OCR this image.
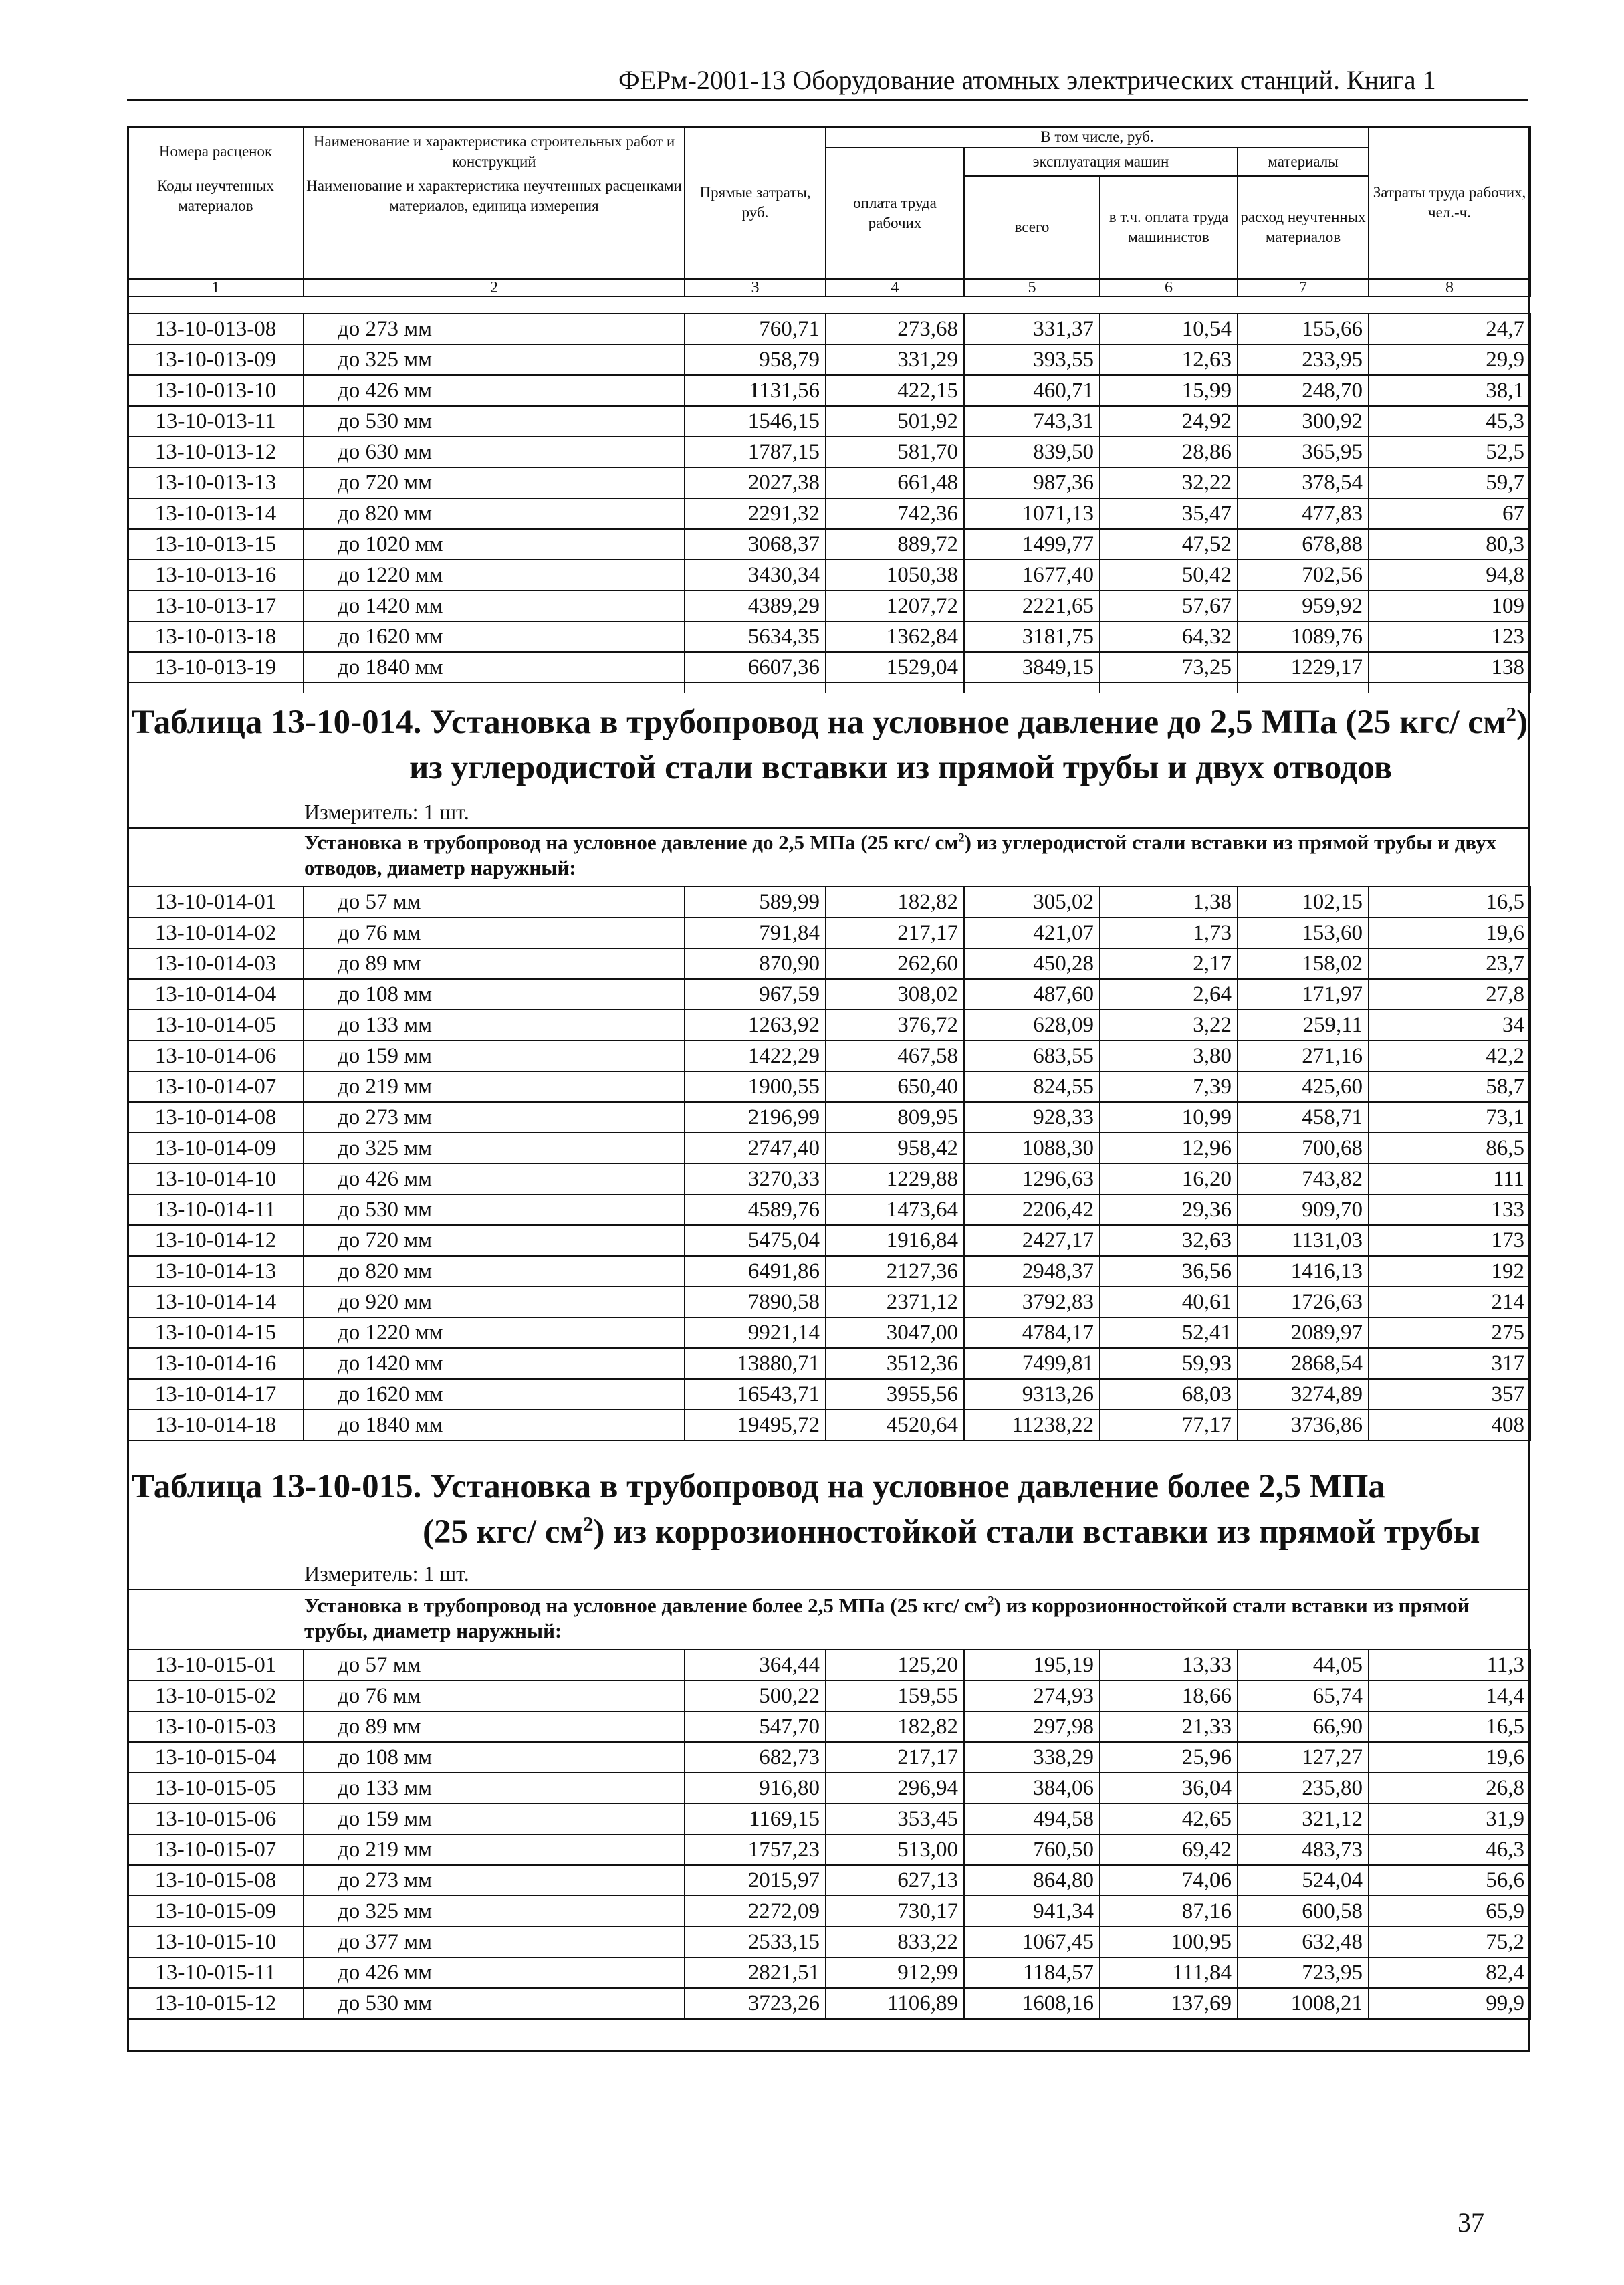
ФЕРм-2001-13 Оборудование атомных электрических станций. Книга 1
Номера расценок	Наименование и характеристика строительных работ и конструкций	Прямые затраты, руб.	В том числе, руб.				Затраты труда рабочих, чел.-ч.
			оплата труда рабочих	эксплуатация машин		материалы	
Коды неучтенных материалов	Наименование и характеристика неучтенных расценками материалов, единица измерения			всего	в т.ч. оплата труда машинистов	расход неучтенных материалов	

1	2	3	4	5	6	7	8
13-10-013-08	до 273 мм	760,71	273,68	331,37	10,54	155,66	24,7
13-10-013-09	до 325 мм	958,79	331,29	393,55	12,63	233,95	29,9
13-10-013-10	до 426 мм	1131,56	422,15	460,71	15,99	248,70	38,1
13-10-013-11	до 530 мм	1546,15	501,92	743,31	24,92	300,92	45,3
13-10-013-12	до 630 мм	1787,15	581,70	839,50	28,86	365,95	52,5
13-10-013-13	до 720 мм	2027,38	661,48	987,36	32,22	378,54	59,7
13-10-013-14	до 820 мм	2291,32	742,36	1071,13	35,47	477,83	67
13-10-013-15	до 1020 мм	3068,37	889,72	1499,77	47,52	678,88	80,3
13-10-013-16	до 1220 мм	3430,34	1050,38	1677,40	50,42	702,56	94,8
13-10-013-17	до 1420 мм	4389,29	1207,72	2221,65	57,67	959,92	109
13-10-013-18	до 1620 мм	5634,35	1362,84	3181,75	64,32	1089,76	123
13-10-013-19	до 1840 мм	6607,36	1529,04	3849,15	73,25	1229,17	138

Таблица 13-10-014. Установка в трубопровод на условное давление до 2,5 МПа (25 кгс/ $см^2$)
из углеродистой стали вставки из прямой трубы и двух отводов
Измеритель: 1 шт.
Установка в трубопровод на условное давление до 2,5 МПа (25 кгс/ $см^2$) из углеродистой стали вставки из прямой трубы и двух отводов, диаметр наружный:
13-10-014-01	до 57 мм	589,99	182,82	305,02	1,38	102,15	16,5
13-10-014-02	до 76 мм	791,84	217,17	421,07	1,73	153,60	19,6
13-10-014-03	до 89 мм	870,90	262,60	450,28	2,17	158,02	23,7
13-10-014-04	до 108 мм	967,59	308,02	487,60	2,64	171,97	27,8
13-10-014-05	до 133 мм	1263,92	376,72	628,09	3,22	259,11	34
13-10-014-06	до 159 мм	1422,29	467,58	683,55	3,80	271,16	42,2
13-10-014-07	до 219 мм	1900,55	650,40	824,55	7,39	425,60	58,7
13-10-014-08	до 273 мм	2196,99	809,95	928,33	10,99	458,71	73,1
13-10-014-09	до 325 мм	2747,40	958,42	1088,30	12,96	700,68	86,5
13-10-014-10	до 426 мм	3270,33	1229,88	1296,63	16,20	743,82	111
13-10-014-11	до 530 мм	4589,76	1473,64	2206,42	29,36	909,70	133
13-10-014-12	до 720 мм	5475,04	1916,84	2427,17	32,63	1131,03	173
13-10-014-13	до 820 мм	6491,86	2127,36	2948,37	36,56	1416,13	192
13-10-014-14	до 920 мм	7890,58	2371,12	3792,83	40,61	1726,63	214
13-10-014-15	до 1220 мм	9921,14	3047,00	4784,17	52,41	2089,97	275
13-10-014-16	до 1420 мм	13880,71	3512,36	7499,81	59,93	2868,54	317
13-10-014-17	до 1620 мм	16543,71	3955,56	9313,26	68,03	3274,89	357
13-10-014-18	до 1840 мм	19495,72	4520,64	11238,22	77,17	3736,86	408
Таблица 13-10-015. Установка в трубопровод на условное давление более 2,5 МПа
(25 кгс/ $см^2$) из коррозионностойкой стали вставки из прямой трубы
Измеритель: 1 шт.
Установка в трубопровод на условное давление более 2,5 МПа (25 кгс/ $см^2$) из коррозионностойкой стали вставки из прямой трубы, диаметр наружный:
13-10-015-01	до 57 мм	364,44	125,20	195,19	13,33	44,05	11,3
13-10-015-02	до 76 мм	500,22	159,55	274,93	18,66	65,74	14,4
13-10-015-03	до 89 мм	547,70	182,82	297,98	21,33	66,90	16,5
13-10-015-04	до 108 мм	682,73	217,17	338,29	25,96	127,27	19,6
13-10-015-05	до 133 мм	916,80	296,94	384,06	36,04	235,80	26,8
13-10-015-06	до 159 мм	1169,15	353,45	494,58	42,65	321,12	31,9
13-10-015-07	до 219 мм	1757,23	513,00	760,50	69,42	483,73	46,3
13-10-015-08	до 273 мм	2015,97	627,13	864,80	74,06	524,04	56,6
13-10-015-09	до 325 мм	2272,09	730,17	941,34	87,16	600,58	65,9
13-10-015-10	до 377 мм	2533,15	833,22	1067,45	100,95	632,48	75,2
13-10-015-11	до 426 мм	2821,51	912,99	1184,57	111,84	723,95	82,4
13-10-015-12	до 530 мм	3723,26	1106,89	1608,16	137,69	1008,21	99,9
37
